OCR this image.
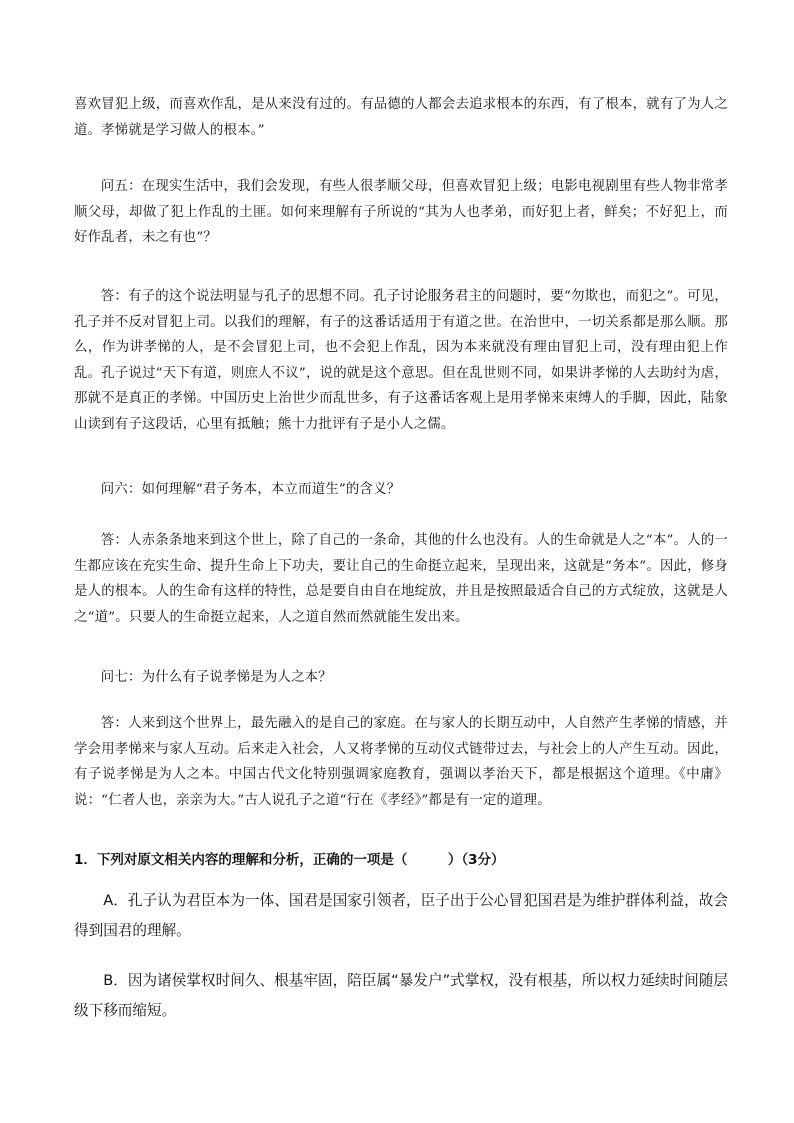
喜欢冒犯上级，而喜欢作乱，是从来没有过的。有品德的人都会去追求根本的东西，有了根本，就有了为人之道。孝悌就是学习做人的根本。”

问五：在现实生活中，我们会发现，有些人很孝顺父母，但喜欢冒犯上级；电影电视剧里有些人物非常孝顺父母，却做了犯上作乱的土匪。如何来理解有子所说的“其为人也孝弟，而好犯上者，鲜矣；不好犯上，而好作乱者，未之有也”？

答：有子的这个说法明显与孔子的思想不同。孔子讨论服务君主的问题时，要“勿欺也，而犯之”。可见，孔子并不反对冒犯上司。以我们的理解，有子的这番话适用于有道之世。在治世中，一切关系都是那么顺。那么，作为讲孝悌的人，是不会冒犯上司，也不会犯上作乱，因为本来就没有理由冒犯上司，没有理由犯上作乱。孔子说过“天下有道，则庶人不议”，说的就是这个意思。但在乱世则不同，如果讲孝悌的人去助纣为虐，那就不是真正的孝悌。中国历史上治世少而乱世多，有子这番话客观上是用孝悌来束缚人的手脚，因此，陆象山读到有子这段话，心里有抵触；熊十力批评有子是小人之儒。

问六：如何理解“君子务本，本立而道生”的含义？

答：人赤条条地来到这个世上，除了自己的一条命，其他的什么也没有。人的生命就是人之“本”。人的一生都应该在充实生命、提升生命上下功夫，要让自己的生命挺立起来，呈现出来，这就是“务本”。因此，修身是人的根本。人的生命有这样的特性，总是要自由自在地绽放，并且是按照最适合自己的方式绽放，这就是人之“道”。只要人的生命挺立起来，人之道自然而然就能生发出来。

问七：为什么有子说孝悌是为人之本？

答：人来到这个世界上，最先融入的是自己的家庭。在与家人的长期互动中，人自然产生孝悌的情感，并学会用孝悌来与家人互动。后来走入社会，人又将孝悌的互动仪式链带过去，与社会上的人产生互动。因此，有子说孝悌是为人之本。中国古代文化特别强调家庭教育，强调以孝治天下，都是根据这个道理。《中庸》说：“仁者人也，亲亲为大。”古人说孔子之道“行在《孝经》”都是有一定的道理。

1．下列对原文相关内容的理解和分析，正确的一项是（　　　）（3分）

A．孔子认为君臣本为一体、国君是国家引领者，臣子出于公心冒犯国君是为维护群体利益，故会得到国君的理解。

B．因为诸侯掌权时间久、根基牢固，陪臣属“暴发户”式掌权，没有根基，所以权力延续时间随层级下移而缩短。
